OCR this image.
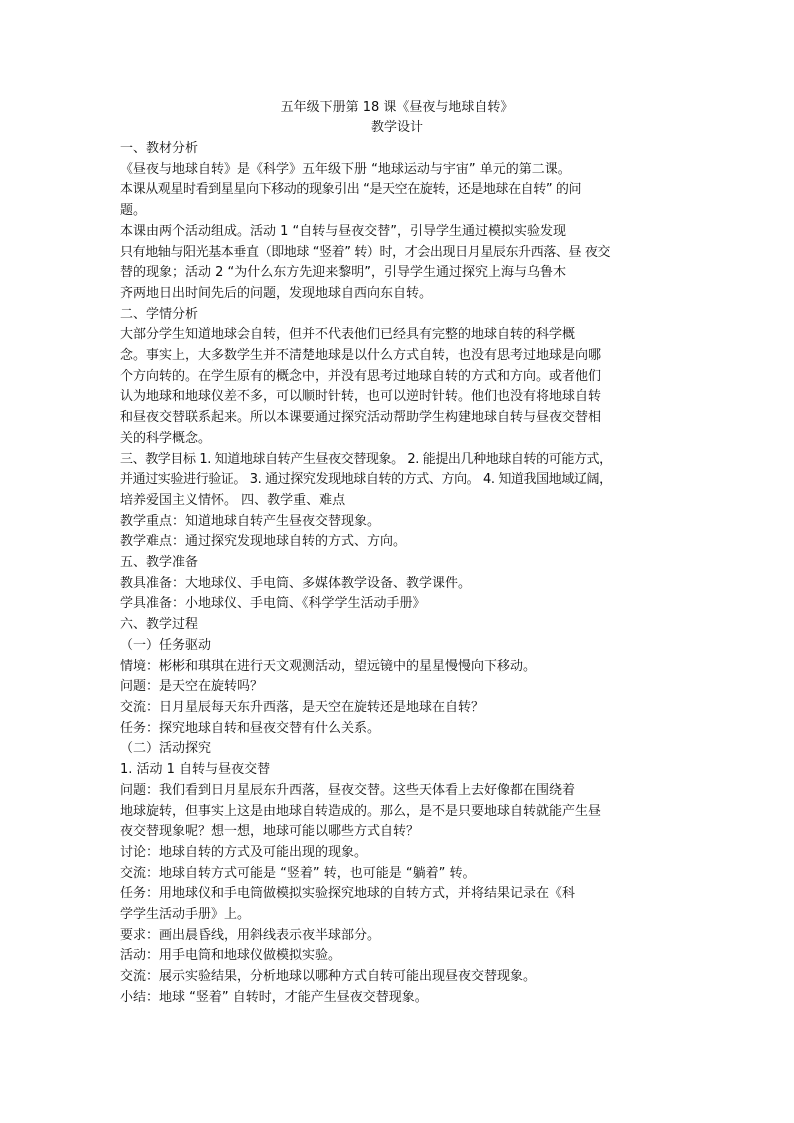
五年级下册第 18 课《昼夜与地球自转》
教学设计
一、教材分析
《昼夜与地球自转》是《科学》五年级下册 “地球运动与宇宙” 单元的第二课。
本课从观星时看到星星向下移动的现象引出 “是天空在旋转，还是地球在自转” 的问
题。
本课由两个活动组成。活动 1 “自转与昼夜交替”，引导学生通过模拟实验发现
只有地轴与阳光基本垂直（即地球 “竖着” 转）时，才会出现日月星辰东升西落、昼 夜交
替的现象；活动 2 “为什么东方先迎来黎明”，引导学生通过探究上海与乌鲁木
齐两地日出时间先后的问题，发现地球自西向东自转。
二、学情分析
大部分学生知道地球会自转，但并不代表他们已经具有完整的地球自转的科学概
念。事实上，大多数学生并不清楚地球是以什么方式自转，也没有思考过地球是向哪
个方向转的。在学生原有的概念中，并没有思考过地球自转的方式和方向。或者他们
认为地球和地球仪差不多，可以顺时针转，也可以逆时针转。他们也没有将地球自转
和昼夜交替联系起来。所以本课要通过探究活动帮助学生构建地球自转与昼夜交替相
关的科学概念。
三、教学目标 1. 知道地球自转产生昼夜交替现象。 2. 能提出几种地球自转的可能方式，
并通过实验进行验证。 3. 通过探究发现地球自转的方式、方向。 4. 知道我国地域辽阔，
培养爱国主义情怀。 四、教学重、难点
教学重点：知道地球自转产生昼夜交替现象。
教学难点：通过探究发现地球自转的方式、方向。
五、教学准备
教具准备：大地球仪、手电筒、多媒体教学设备、教学课件。
学具准备：小地球仪、手电筒、《科学学生活动手册》
六、教学过程
（一）任务驱动
情境：彬彬和琪琪在进行天文观测活动，望远镜中的星星慢慢向下移动。
问题：是天空在旋转吗？
交流：日月星辰每天东升西落，是天空在旋转还是地球在自转？
任务：探究地球自转和昼夜交替有什么关系。
（二）活动探究
1. 活动 1 自转与昼夜交替
问题：我们看到日月星辰东升西落，昼夜交替。这些天体看上去好像都在围绕着
地球旋转，但事实上这是由地球自转造成的。那么，是不是只要地球自转就能产生昼
夜交替现象呢？想一想，地球可能以哪些方式自转？
讨论：地球自转的方式及可能出现的现象。
交流：地球自转方式可能是 “竖着” 转，也可能是 “躺着” 转。
任务：用地球仪和手电筒做模拟实验探究地球的自转方式，并将结果记录在《科
学学生活动手册》上。
要求：画出晨昏线，用斜线表示夜半球部分。
活动：用手电筒和地球仪做模拟实验。
交流：展示实验结果，分析地球以哪种方式自转可能出现昼夜交替现象。
小结：地球 “竖着” 自转时，才能产生昼夜交替现象。
